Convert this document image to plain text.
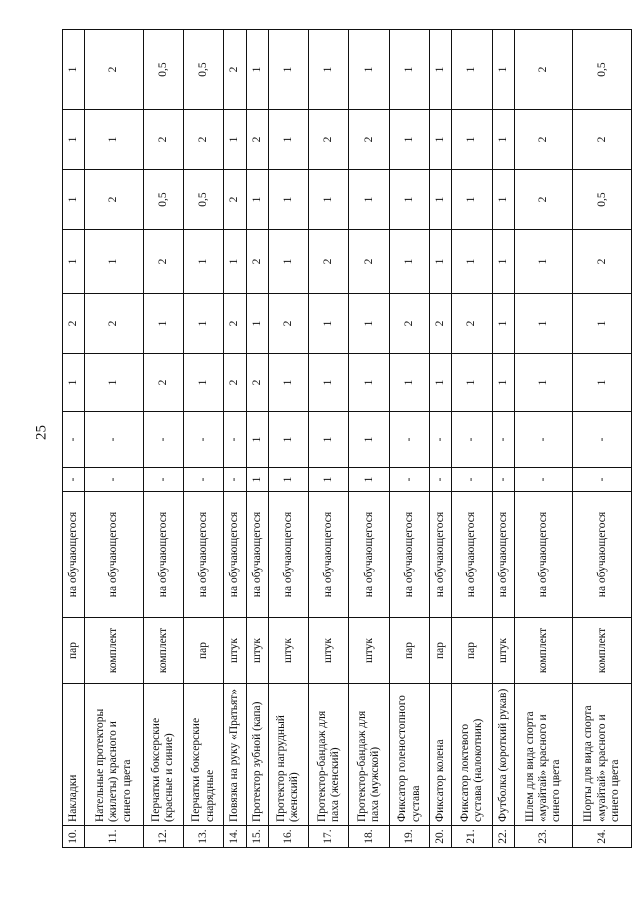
25
10.	Накладки	пар	на обучающегося	-	-	1	2	1	1	1	1
11.	Нательные протекторы (жилеты) красного и синего цвета	комплект	на обучающегося	-	-	1	2	1	2	1	2
12.	Перчатки боксерские (красные и синие)	комплект	на обучающегося	-	-	2	1	2	0,5	2	0,5
13.	Перчатки боксерские снарядные	пар	на обучающегося	-	-	1	1	1	0,5	2	0,5
14.	Повязка на руку «Пратьят»	штук	на обучающегося	-	-	2	2	1	2	1	2
15.	Протектор зубной (капа)	штук	на обучающегося	1	1	2	1	2	1	2	1
16.	Протектор нагрудный (женский)	штук	на обучающегося	1	1	1	2	1	1	1	1
17.	Протектор-бандаж для паха (женский)	штук	на обучающегося	1	1	1	1	2	1	2	1
18.	Протектор-бандаж для паха (мужской)	штук	на обучающегося	1	1	1	1	2	1	2	1
19.	Фиксатор голеностопного сустава	пар	на обучающегося	-	-	1	2	1	1	1	1
20.	Фиксатор колена	пар	на обучающегося	-	-	1	2	1	1	1	1
21.	Фиксатор локтевого сустава (налокотник)	пар	на обучающегося	-	-	1	2	1	1	1	1
22.	Футболка (короткий рукав)	штук	на обучающегося	-	-	1	1	1	1	1	1
23.	Шлем для вида спорта «муайтай» красного и синего цвета	комплект	на обучающегося	-	-	1	1	1	2	2	2
24.	Шорты для вида спорта «муайтай» красного и синего цвета	комплект	на обучающегося	-	-	1	1	2	0,5	2	0,5
